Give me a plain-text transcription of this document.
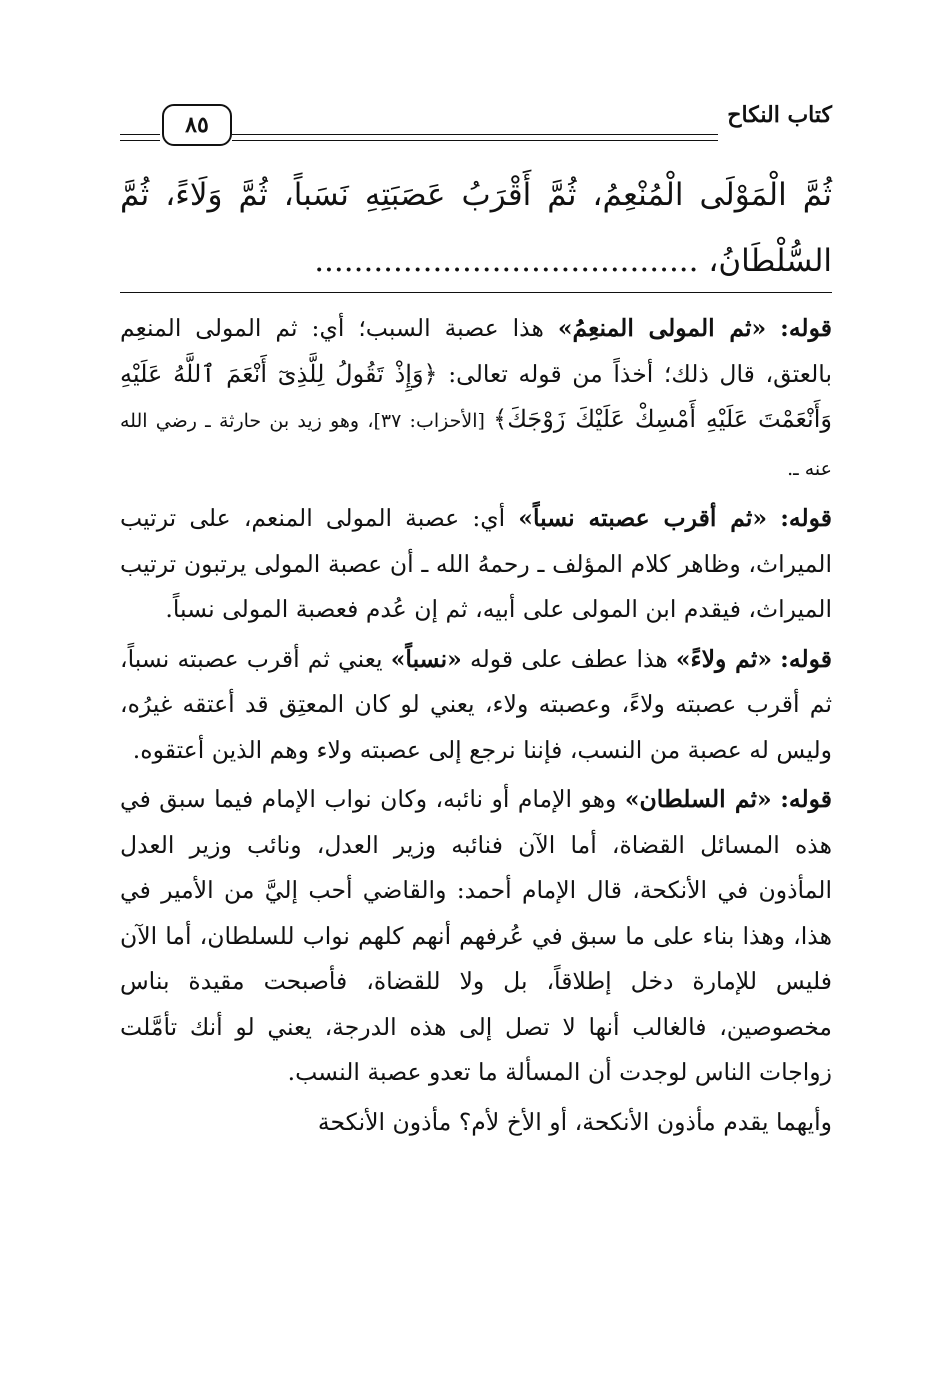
كتاب النكاح
٨٥
ثُمَّ الْمَوْلَى الْمُنْعِمُ، ثُمَّ أَقْرَبُ عَصَبَتِهِ نَسَباً، ثُمَّ وَلَاءً، ثُمَّ السُّلْطَانُ، .......................................

قوله: «ثم المولى المنعِمُ» هذا عصبة السبب؛ أي: ثم المولى المنعِم بالعتق، قال ذلك؛ أخذاً من قوله تعالى: ﴿وَإِذْ تَقُولُ لِلَّذِىٓ أَنْعَمَ ٱللَّهُ عَلَيْهِ وَأَنْعَمْتَ عَلَيْهِ أَمْسِكْ عَلَيْكَ زَوْجَكَ﴾ [الأحزاب: ٣٧]، وهو زيد بن حارثة ـ رضي الله عنه ـ.

قوله: «ثم أقرب عصبته نسباً» أي: عصبة المولى المنعم، على ترتيب الميراث، وظاهر كلام المؤلف ـ رحمهُ الله ـ أن عصبة المولى يرتبون ترتيب الميراث، فيقدم ابن المولى على أبيه، ثم إن عُدم فعصبة المولى نسباً.

قوله: «ثم ولاءً» هذا عطف على قوله «نسباً» يعني ثم أقرب عصبته نسباً، ثم أقرب عصبته ولاءً، وعصبته ولاء، يعني لو كان المعتِق قد أعتقه غيرُه، وليس له عصبة من النسب، فإننا نرجع إلى عصبته ولاء وهم الذين أعتقوه.

قوله: «ثم السلطان» وهو الإمام أو نائبه، وكان نواب الإمام فيما سبق في هذه المسائل القضاة، أما الآن فنائبه وزير العدل، ونائب وزير العدل المأذون في الأنكحة، قال الإمام أحمد: والقاضي أحب إليَّ من الأمير في هذا، وهذا بناء على ما سبق في عُرفهم أنهم كلهم نواب للسلطان، أما الآن فليس للإمارة دخل إطلاقاً، بل ولا للقضاة، فأصبحت مقيدة بناس مخصوصين، فالغالب أنها لا تصل إلى هذه الدرجة، يعني لو أنك تأمَّلت زواجات الناس لوجدت أن المسألة ما تعدو عصبة النسب.

وأيهما يقدم مأذون الأنكحة، أو الأخ لأم؟ مأذون الأنكحة
